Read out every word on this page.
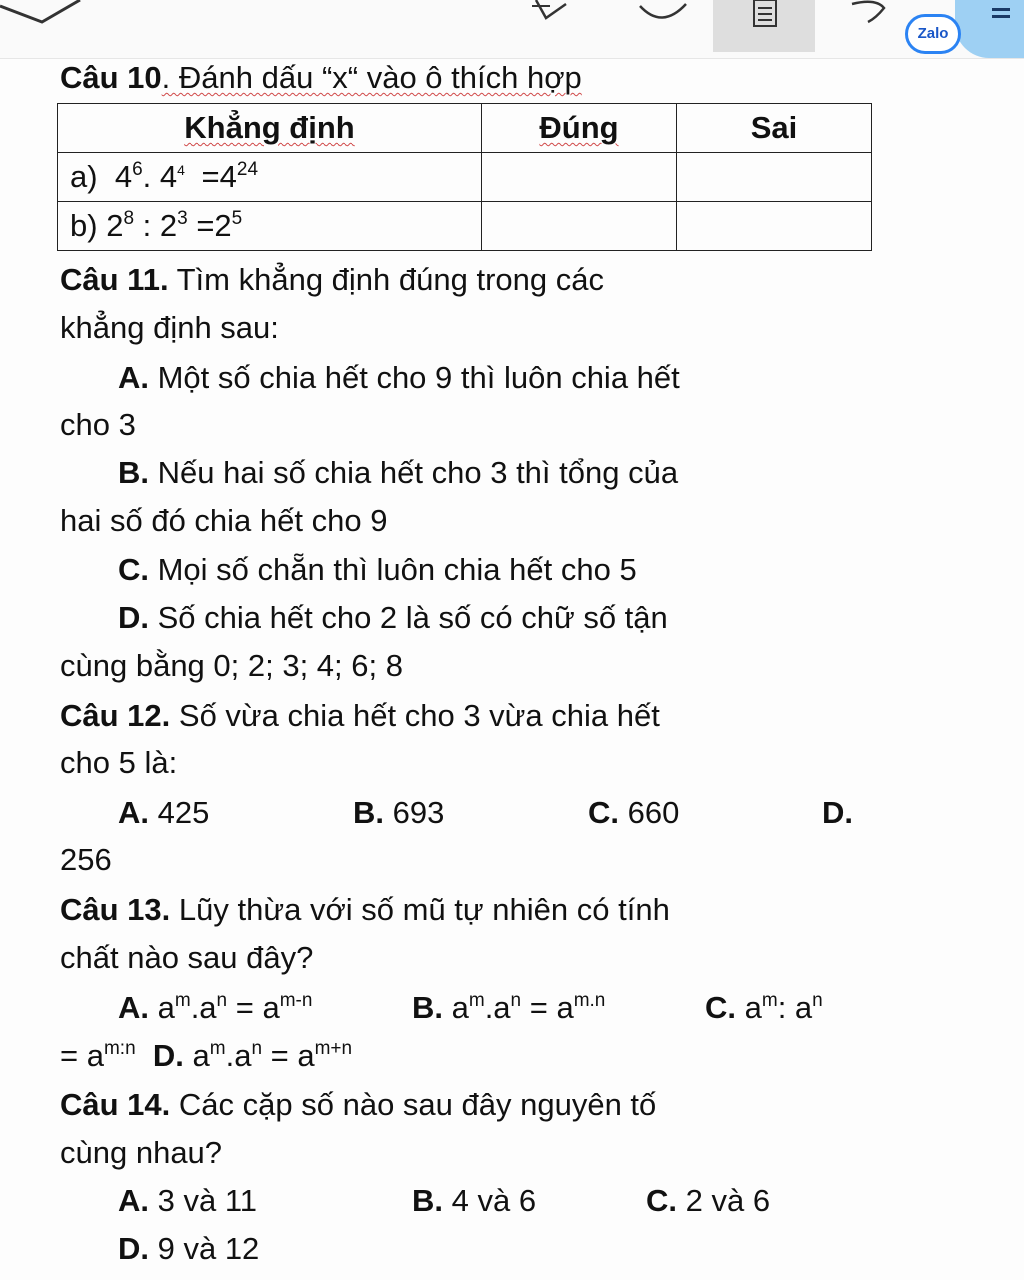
Zalo
Câu 10. Đánh dấu “x“ vào ô thích hợp
Khẳng định	Đúng	Sai
a) $4^6$. $4^4 =4^{24}$		
b) $2^8$ : $2^3 =2^5$		
Câu 11. Tìm khẳng định đúng trong các
khẳng định sau:
A. Một số chia hết cho 9 thì luôn chia hết
cho 3
B. Nếu hai số chia hết cho 3 thì tổng của
hai số đó chia hết cho 9
C. Mọi số chẵn thì luôn chia hết cho 5
D. Số chia hết cho 2 là số có chữ số tận
cùng bằng 0; 2; 3; 4; 6; 8
Câu 12. Số vừa chia hết cho 3 vừa chia hết
cho 5 là:
A. 425	B. 693	C. 660	D.
256
Câu 13. Lũy thừa với số mũ tự nhiên có tính
chất nào sau đây?
A. $a^m.a^n = a^{m-n}$	B. $a^m.a^n = a^{m.n}$	C. $a^m$: $a^n$
= $a^{m:n}$ D. $a^m.a^n = a^{m+n}$
Câu 14. Các cặp số nào sau đây nguyên tố
cùng nhau?
A. 3 và 11	B. 4 và 6	C. 2 và 6
D. 9 và 12
